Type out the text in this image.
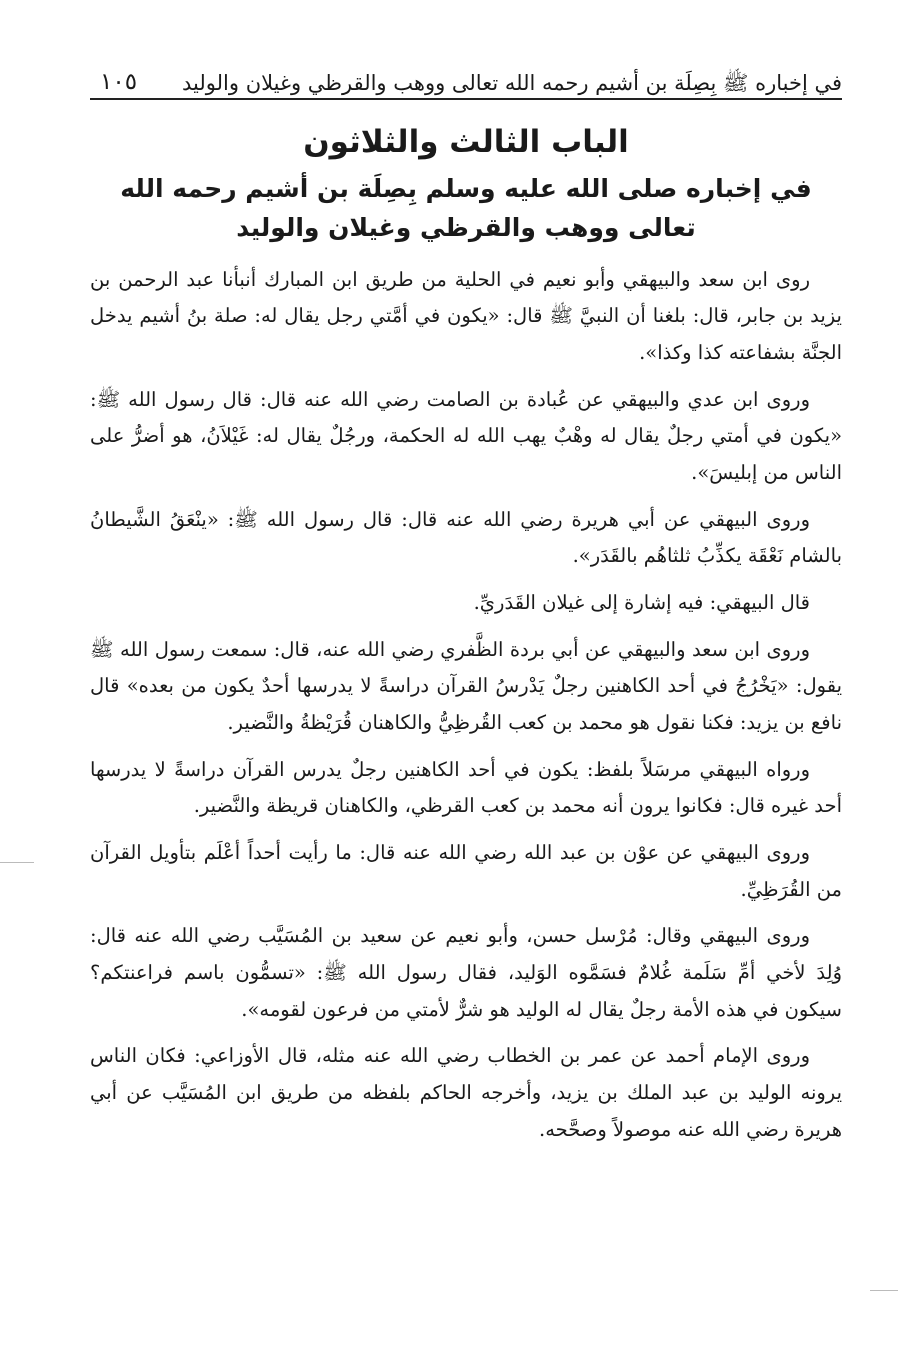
في إخباره ﷺ بِصِلَة بن أشيم رحمه الله تعالى ووهب والقرظي وغيلان والوليد
١٠٥
الباب الثالث والثلاثون
في إخباره صلى الله عليه وسلم بِصِلَة بن أشيم رحمه الله تعالى ووهب والقرظي وغيلان والوليد

روى ابن سعد والبيهقي وأبو نعيم في الحلية من طريق ابن المبارك أنبأنا عبد الرحمن بن يزيد بن جابر، قال: بلغنا أن النبيَّ ﷺ قال: «يكون في أمَّتي رجل يقال له: صلة بنُ أشيم يدخل الجنَّة بشفاعته كذا وكذا».

وروى ابن عدي والبيهقي عن عُبادة بن الصامت رضي الله عنه قال: قال رسول الله ﷺ: «يكون في أمتي رجلٌ يقال له وهْبٌ يهب الله له الحكمة، ورجُلٌ يقال له: غَيْلاَنُ، هو أضرُّ على الناس من إبليسَ».

وروى البيهقي عن أبي هريرة رضي الله عنه قال: قال رسول الله ﷺ: «ينْعَقُ الشَّيطانُ بالشام نَعْقَة يكذِّبُ ثلثاهُم بالقَدَر».

قال البيهقي: فيه إشارة إلى غيلان القَدَريِّ.

وروى ابن سعد والبيهقي عن أبي بردة الظَّفري رضي الله عنه، قال: سمعت رسول الله ﷺ يقول: «يَخْرُجُ في أحد الكاهنين رجلٌ يَدْرسُ القرآن دراسةً لا يدرسها أحدٌ يكون من بعده» قال نافع بن يزيد: فكنا نقول هو محمد بن كعب القُرظِيُّ والكاهنان قُرَيْظةُ والنَّضير.

ورواه البيهقي مرسَلاً بلفظ: يكون في أحد الكاهنين رجلٌ يدرس القرآن دراسةً لا يدرسها أحد غيره قال: فكانوا يرون أنه محمد بن كعب القرظي، والكاهنان قريظة والنَّضير.

وروى البيهقي عن عوْن بن عبد الله رضي الله عنه قال: ما رأيت أحداً أعْلَم بتأويل القرآن من القُرَظِيِّ.

وروى البيهقي وقال: مُرْسل حسن، وأبو نعيم عن سعيد بن المُسَيَّب رضي الله عنه قال: وُلِدَ لأخي أمِّ سَلَمة غُلامٌ فسَمَّوه الوَليد، فقال رسول الله ﷺ: «تسمُّون باسم فراعنتكم؟ سيكون في هذه الأمة رجلٌ يقال له الوليد هو شرٌّ لأمتي من فرعون لقومه».

وروى الإمام أحمد عن عمر بن الخطاب رضي الله عنه مثله، قال الأوزاعي: فكان الناس يرونه الوليد بن عبد الملك بن يزيد، وأخرجه الحاكم بلفظه من طريق ابن المُسَيَّب عن أبي هريرة رضي الله عنه موصولاً وصحَّحه.
